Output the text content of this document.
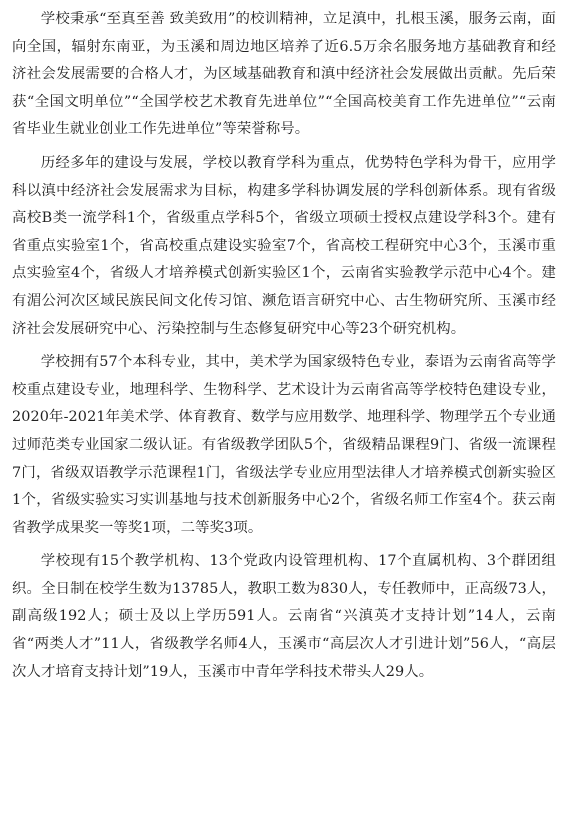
学校秉承“至真至善 致美致用”的校训精神，立足滇中，扎根玉溪，服务云南，面向全国，辐射东南亚，为玉溪和周边地区培养了近6.5万余名服务地方基础教育和经济社会发展需要的合格人才，为区域基础教育和滇中经济社会发展做出贡献。先后荣获“全国文明单位”“全国学校艺术教育先进单位”“全国高校美育工作先进单位”“云南省毕业生就业创业工作先进单位”等荣誉称号。

历经多年的建设与发展，学校以教育学科为重点，优势特色学科为骨干，应用学科以滇中经济社会发展需求为目标，构建多学科协调发展的学科创新体系。现有省级高校B类一流学科1个，省级重点学科5个，省级立项硕士授权点建设学科3个。建有省重点实验室1个，省高校重点建设实验室7个，省高校工程研究中心3个，玉溪市重点实验室4个，省级人才培养模式创新实验区1个，云南省实验教学示范中心4个。建有湄公河次区域民族民间文化传习馆、濒危语言研究中心、古生物研究所、玉溪市经济社会发展研究中心、污染控制与生态修复研究中心等23个研究机构。

学校拥有57个本科专业，其中，美术学为国家级特色专业，泰语为云南省高等学校重点建设专业，地理科学、生物科学、艺术设计为云南省高等学校特色建设专业，2020年-2021年美术学、体育教育、数学与应用数学、地理科学、物理学五个专业通过师范类专业国家二级认证。有省级教学团队5个，省级精品课程9门、省级一流课程7门，省级双语教学示范课程1门，省级法学专业应用型法律人才培养模式创新实验区1个，省级实验实习实训基地与技术创新服务中心2个，省级名师工作室4个。获云南省教学成果奖一等奖1项，二等奖3项。

学校现有15个教学机构、13个党政内设管理机构、17个直属机构、3个群团组织。全日制在校学生数为13785人，教职工数为830人，专任教师中，正高级73人，副高级192人；硕士及以上学历591人。云南省“兴滇英才支持计划”14人，云南省“两类人才”11人，省级教学名师4人，玉溪市“高层次人才引进计划”56人，“高层次人才培育支持计划”19人，玉溪市中青年学科技术带头人29人。
